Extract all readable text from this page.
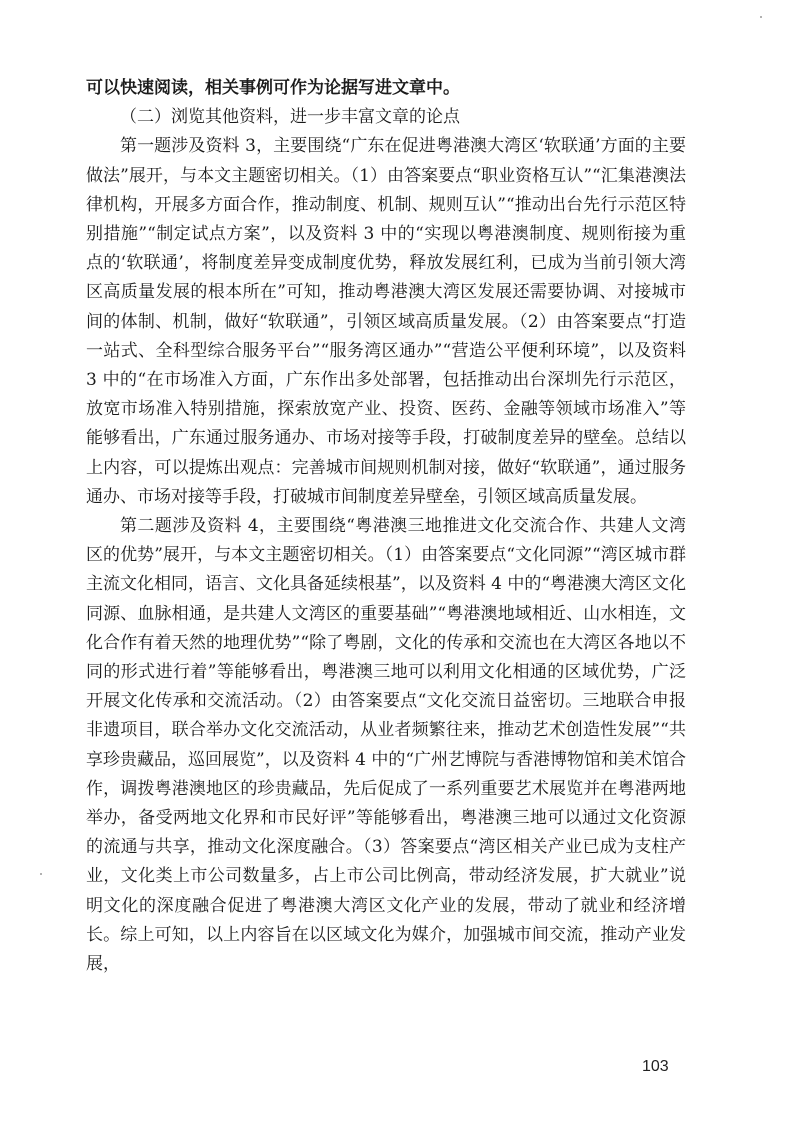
可以快速阅读，相关事例可作为论据写进文章中。

（二）浏览其他资料，进一步丰富文章的论点

第一题涉及资料 3，主要围绕“广东在促进粤港澳大湾区‘软联通’方面的主要做法”展开，与本文主题密切相关。（1）由答案要点“职业资格互认”“汇集港澳法律机构，开展多方面合作，推动制度、机制、规则互认”“推动出台先行示范区特别措施”“制定试点方案”，以及资料 3 中的“实现以粤港澳制度、规则衔接为重点的‘软联通’，将制度差异变成制度优势，释放发展红利，已成为当前引领大湾区高质量发展的根本所在”可知，推动粤港澳大湾区发展还需要协调、对接城市间的体制、机制，做好“软联通”，引领区域高质量发展。（2）由答案要点“打造一站式、全科型综合服务平台”“服务湾区通办”“营造公平便利环境”，以及资料 3 中的“在市场准入方面，广东作出多处部署，包括推动出台深圳先行示范区，放宽市场准入特别措施，探索放宽产业、投资、医药、金融等领域市场准入”等能够看出，广东通过服务通办、市场对接等手段，打破制度差异的壁垒。总结以上内容，可以提炼出观点：完善城市间规则机制对接，做好“软联通”，通过服务通办、市场对接等手段，打破城市间制度差异壁垒，引领区域高质量发展。

第二题涉及资料 4，主要围绕“粤港澳三地推进文化交流合作、共建人文湾区的优势”展开，与本文主题密切相关。（1）由答案要点“文化同源”“湾区城市群主流文化相同，语言、文化具备延续根基”，以及资料 4 中的“粤港澳大湾区文化同源、血脉相通，是共建人文湾区的重要基础”“粤港澳地域相近、山水相连，文化合作有着天然的地理优势”“除了粤剧，文化的传承和交流也在大湾区各地以不同的形式进行着”等能够看出，粤港澳三地可以利用文化相通的区域优势，广泛开展文化传承和交流活动。（2）由答案要点“文化交流日益密切。三地联合申报非遗项目，联合举办文化交流活动，从业者频繁往来，推动艺术创造性发展”“共享珍贵藏品，巡回展览”，以及资料 4 中的“广州艺博院与香港博物馆和美术馆合作，调拨粤港澳地区的珍贵藏品，先后促成了一系列重要艺术展览并在粤港两地举办，备受两地文化界和市民好评”等能够看出，粤港澳三地可以通过文化资源的流通与共享，推动文化深度融合。（3）答案要点“湾区相关产业已成为支柱产业，文化类上市公司数量多，占上市公司比例高，带动经济发展，扩大就业”说明文化的深度融合促进了粤港澳大湾区文化产业的发展，带动了就业和经济增长。综上可知，以上内容旨在以区域文化为媒介，加强城市间交流，推动产业发展，

103
